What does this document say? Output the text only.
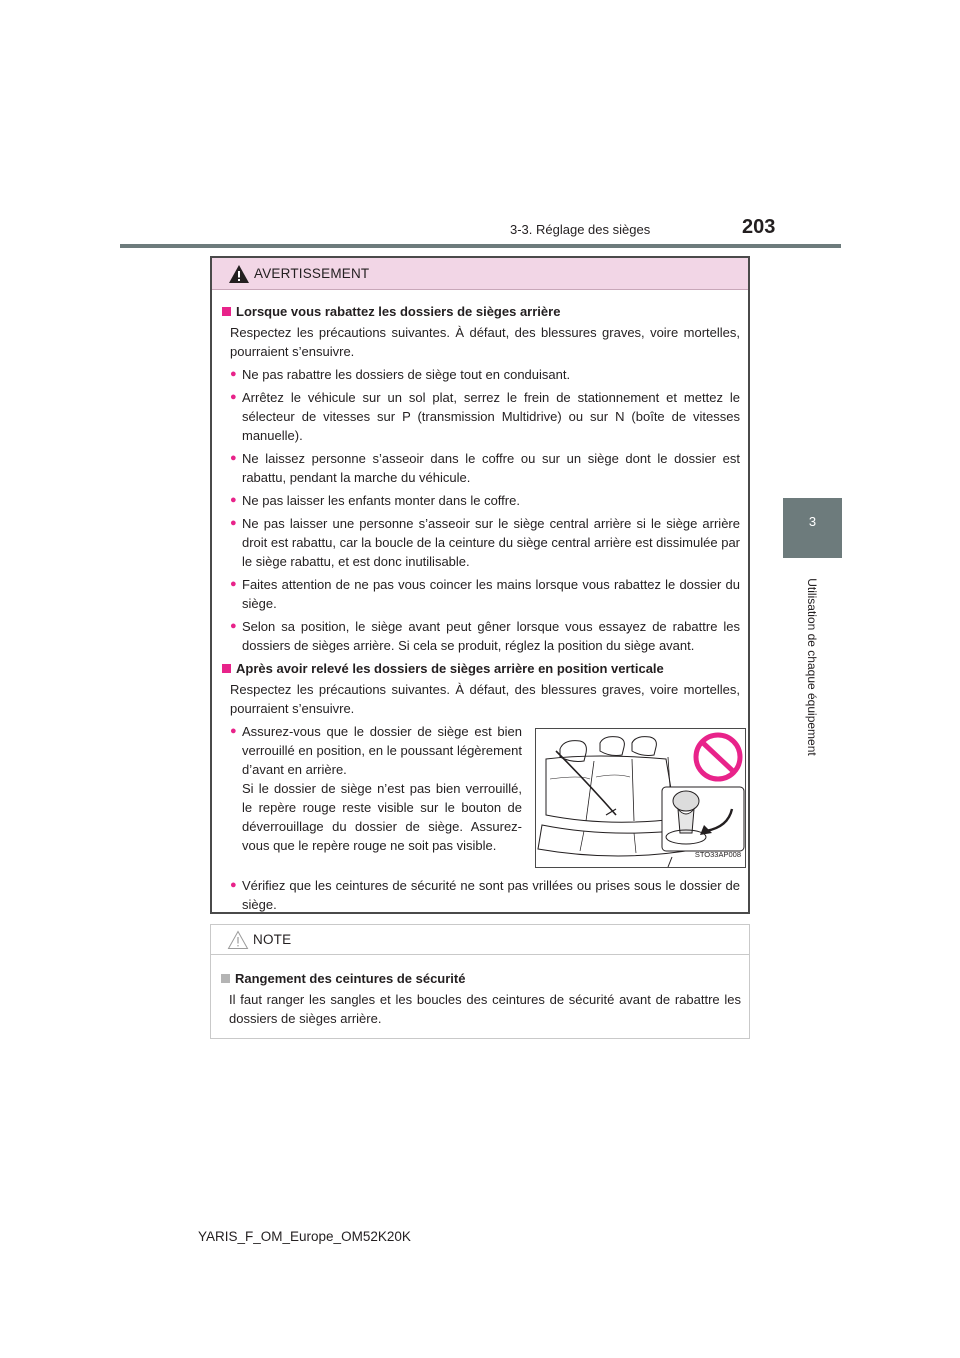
3-3. Réglage des sièges	203
3
Utilisation de chaque équipement
AVERTISSEMENT
Lorsque vous rabattez les dossiers de sièges arrière
Respectez les précautions suivantes. À défaut, des blessures graves, voire mortelles, pourraient s’ensuivre.
● Ne pas rabattre les dossiers de siège tout en conduisant.
● Arrêtez le véhicule sur un sol plat, serrez le frein de stationnement et mettez le sélecteur de vitesses sur P (transmission Multidrive) ou sur N (boîte de vitesses manuelle).
● Ne laissez personne s’asseoir dans le coffre ou sur un siège dont le dossier est rabattu, pendant la marche du véhicule.
● Ne pas laisser les enfants monter dans le coffre.
● Ne pas laisser une personne s’asseoir sur le siège central arrière si le siège arrière droit est rabattu, car la boucle de la ceinture du siège central arrière est dissimulée par le siège rabattu, et est donc inutilisable.
● Faites attention de ne pas vous coincer les mains lorsque vous rabattez le dossier du siège.
● Selon sa position, le siège avant peut gêner lorsque vous essayez de rabattre les dossiers de sièges arrière. Si cela se produit, réglez la position du siège avant.
Après avoir relevé les dossiers de sièges arrière en position verticale
Respectez les précautions suivantes. À défaut, des blessures graves, voire mortelles, pourraient s’ensuivre.
● Assurez-vous que le dossier de siège est bien verrouillé en position, en le poussant légèrement d’avant en arrière.
Si le dossier de siège n’est pas bien verrouillé, le repère rouge reste visible sur le bouton de déverrouillage du dossier de siège. Assurez-vous que le repère rouge ne soit pas visible.
STO33AP008
● Vérifiez que les ceintures de sécurité ne sont pas vrillées ou prises sous le dossier de siège.
NOTE
Rangement des ceintures de sécurité
Il faut ranger les sangles et les boucles des ceintures de sécurité avant de rabattre les dossiers de sièges arrière.
YARIS_F_OM_Europe_OM52K20K
